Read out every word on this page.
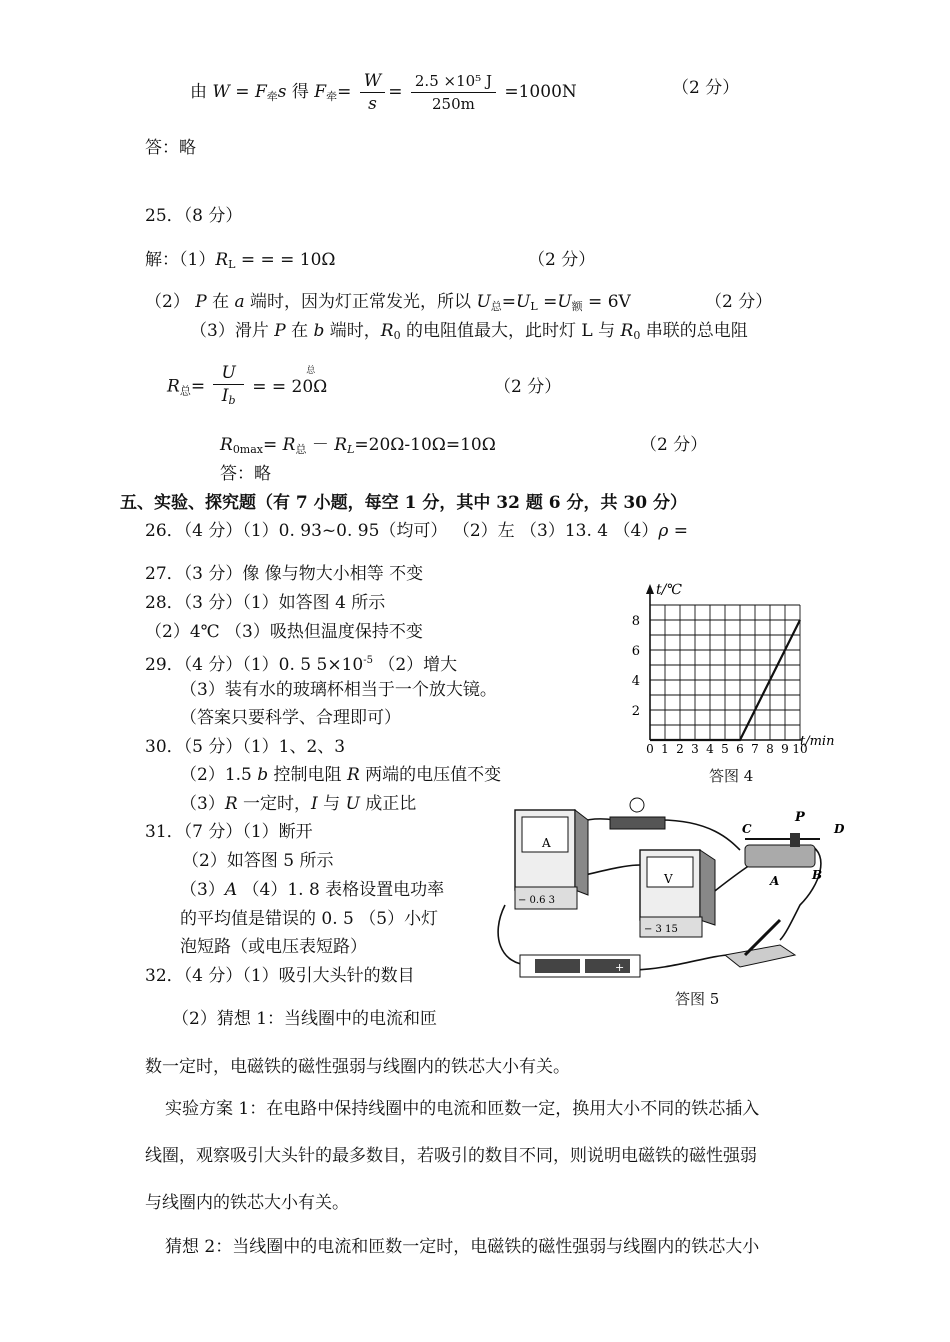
由 $W = F_牵s$ 得 $F_牵= \frac{W}{s} = \frac{\text{2.5 ×10⁵ J}}{250m} =1000N$	（2 分）
答：略
25．（8 分）
解：$(1)R_L$ = = = 10Ω	（2 分）
（2） P 在 a 端时，因为灯正常发光，所以 $U_总=U_L =U_额 = 6V$	（2 分）
（3）滑片 P 在 b 端时，$R_0$ 的电阻值最大，此时灯 L 与 $R_0$ 串联的总电阻
$R_总= \frac{U}{I_b}$
	总
= = 20Ω	（2 分）
$R_{0max}= R_总 - R_L=20\Omega-10\Omega=10\Omega$	（2 分）
答：略
五、实验、探究题（有 7 小题，每空 1 分，其中 32 题 6 分，共 30 分）
26．（4 分）（1）0. 93~0. 95（均可） （2）左 （3）13. 4 （4）ρ =
27．（3 分）像 像与物大小相等 不变
28．（3 分）（1）如答图 4 所示
（2）4℃ （3）吸热但温度保持不变
29．（4 分）（1）0. 5 $5\times 10^{-5}$ （2）增大
（3）装有水的玻璃杯相当于一个放大镜。
（答案只要科学、合理即可）
30．（5 分）（1）1、2、3
（2）1.5 b 控制电阻 R 两端的电压值不变
（3）R 一定时，I 与 U 成正比
31．（7 分）（1）断开
（2）如答图 5 所示
（3）A （4）1. 8 表格设置电功率
的平均值是错误的 0. 5 （5）小灯
泡短路（或电压表短路）
32．（4 分）（1）吸引大头针的数目
（2）猜想 1：当线圈中的电流和匝
数一定时，电磁铁的磁性强弱与线圈内的铁芯大小有关。
实验方案 1：在电路中保持线圈中的电流和匝数一定，换用大小不同的铁芯插入
线圈，观察吸引大头针的最多数目，若吸引的数目不同，则说明电磁铁的磁性强弱
与线圈内的铁芯大小有关。
猜想 2：当线圈中的电流和匝数一定时，电磁铁的磁性强弱与线圈内的铁芯大小
2
4
6
8
0 1 2 3 4 5 6 7 8 9 10
t/℃
t/min
答图 4
A
− 0.6 3
V
− 3 15
C
P
D
A	B
+
答图 5
